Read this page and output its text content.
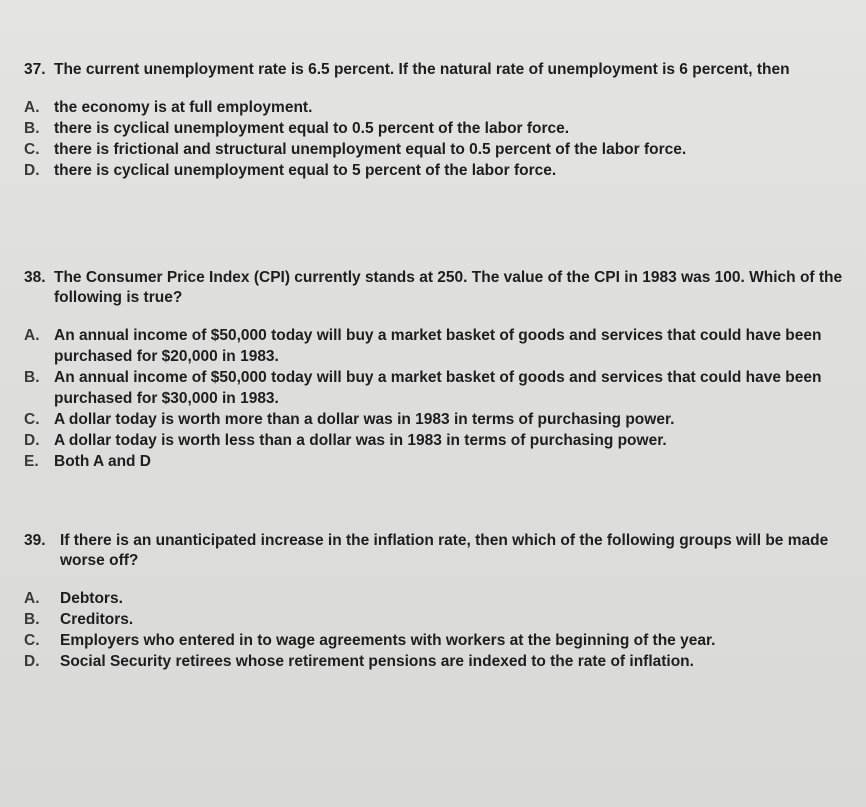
37. The current unemployment rate is 6.5 percent. If the natural rate of unemployment is 6 percent, then
A. the economy is at full employment.
B. there is cyclical unemployment equal to 0.5 percent of the labor force.
C. there is frictional and structural unemployment equal to 0.5 percent of the labor force.
D. there is cyclical unemployment equal to 5 percent of the labor force.
38. The Consumer Price Index (CPI) currently stands at 250. The value of the CPI in 1983 was 100. Which of the following is true?
A. An annual income of $50,000 today will buy a market basket of goods and services that could have been purchased for $20,000 in 1983.
B. An annual income of $50,000 today will buy a market basket of goods and services that could have been purchased for $30,000 in 1983.
C. A dollar today is worth more than a dollar was in 1983 in terms of purchasing power.
D. A dollar today is worth less than a dollar was in 1983 in terms of purchasing power.
E. Both A and D
39. If there is an unanticipated increase in the inflation rate, then which of the following groups will be made worse off?
A.	Debtors.
B.	Creditors.
C.	Employers who entered in to wage agreements with workers at the beginning of the year.
D.	Social Security retirees whose retirement pensions are indexed to the rate of inflation.
